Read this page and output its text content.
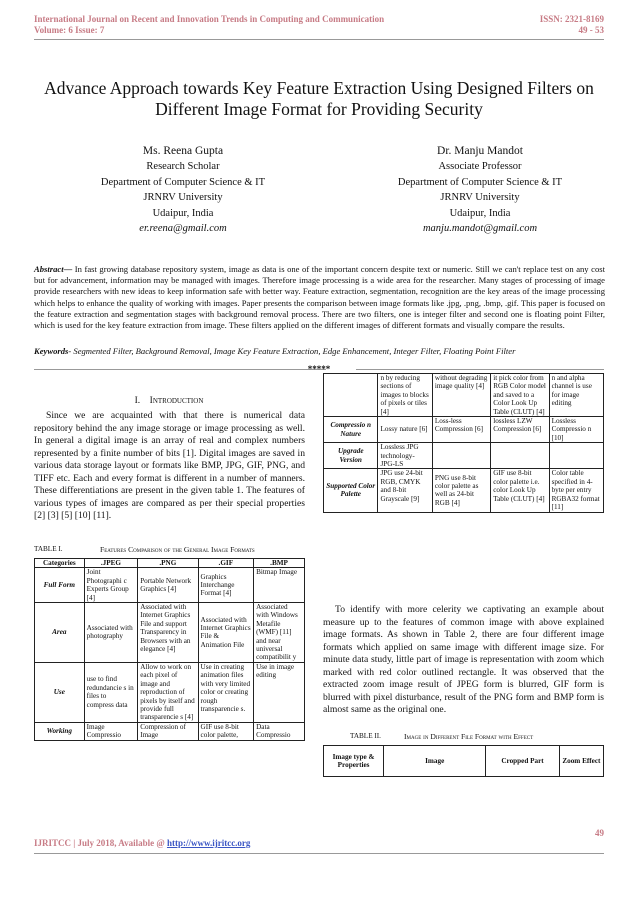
International Journal on Recent and Innovation Trends in Computing and Communication	ISSN: 2321-8169
Volume: 6 Issue: 7	49 - 53
Advance Approach towards Key Feature Extraction Using Designed Filters on
Different Image Format for Providing Security
Ms. Reena Gupta
Research Scholar
Department of Computer Science & IT
JRNRV University
Udaipur, India
er.reena@gmail.com
Dr. Manju Mandot
Associate Professor
Department of Computer Science & IT
JRNRV University
Udaipur, India
manju.mandot@gmail.com
Abstract— In fast growing database repository system, image as data is one of the important concern despite text or numeric. Still we can't replace test on any cost but for advancement, information may be managed with images. Therefore image processing is a wide area for the researcher. Many stages of processing of image provide researchers with new ideas to keep information safe with better way. Feature extraction, segmentation, recognition are the key areas of the image processing which helps to enhance the quality of working with images. Paper presents the comparison between image formats like .jpg, .png, .bmp, .gif. This paper is focused on the feature extraction and segmentation stages with background removal process. There are two filters, one is integer filter and second one is floating point Filter, which is used for the key feature extraction from image. These filters applied on the different images of different formats and visually compare the results.
Keywords- Segmented Filter, Background Removal, Image Key Feature Extraction, Edge Enhancement, Integer Filter, Floating Point Filter
*****
I. Introduction
Since we are acquainted with that there is numerical data repository behind the any image storage or image processing as well. In general a digital image is an array of real and complex numbers represented by a finite number of bits [1]. Digital images are saved in various data storage layout or formats like BMP, JPG, GIF, PNG, and TIFF etc. Each and every format is different in a number of manners. These differentiations are present in the given table 1. The features of various types of images are compared as per their special properties [2] [3] [5] [10] [11].
TABLE I.	Features Comparison of the General Image Formats
Categories	.JPEG	.PNG	.GIF	.BMP
Full Form	Joint Photographi c Experts Group [4]	Portable Network Graphics [4]	Graphics Interchange Format [4]	Bitmap Image
Area	Associated with photography	Associated with Internet Graphics File and support Transparency in Browsers with an elegance [4]	Associated with Internet Graphics File & Animation File	Associated with Windows Metafile (WMF) [11] and near universal compatibilit y
Use	use to find redundancie s in files to compress data	Allow to work on each pixel of image and reproduction of pixels by itself and provide full transparencie s [4]	Use in creating animation files with very limited color or creating rough transparencie s.	Use in image editing
Working	Image Compressio	Compression of Image	GIF use 8-bit color palette,	Data Compressio
	n by reducing sections of images to blocks of pixels or tiles [4]	without degrading image quality [4]	it pick color from RGB Color model and saved to a Color Look Up Table (CLUT) [4]	n and alpha channel is use for image editing
Compressio n Nature	Lossy nature [6]	Loss-less Compression [6]	lossless LZW Compression [6]	Lossless Compressio n [10]
Upgrade Version	Lossless JPG technology- JPG-LS			
Supported Color Palette	JPG use 24-bit RGB, CMYK and 8-bit Grayscale [9]	PNG use 8-bit color palette as well as 24-bit RGB [4]	GIF use 8-bit color palette i.e. color Look Up Table (CLUT) [4]	Color table specified in 4-byte per entry RGBA32 format [11]
To identify with more celerity we captivating an example about measure up to the features of common image with above explained image formats. As shown in Table 2, there are four different image formats which applied on same image with different image size. For minute data study, little part of image is representation with zoom which marked with red color outlined rectangle. It was observed that the extracted zoom image result of JPEG form is blurred, GIF form is blurred with pixel disturbance, result of the PNG form and BMP form is almost same as the original one.
TABLE II.	Image in Different File Format with Effect
Image type & Properties	Image	Cropped Part	Zoom Effect
49
IJRITCC | July 2018, Available @ http://www.ijritcc.org
